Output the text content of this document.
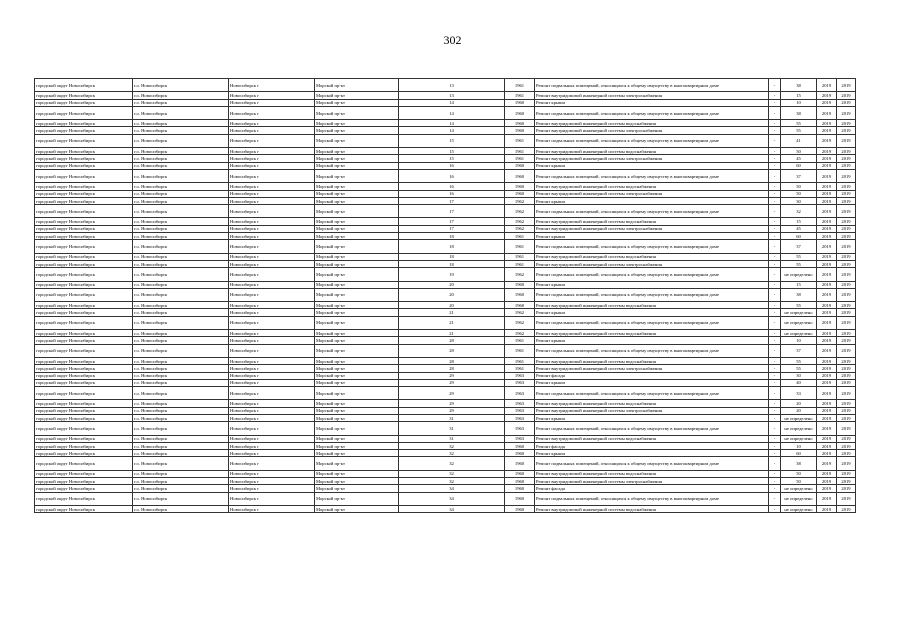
302
городской округ Новосибирск	г.о. Новосибирск	Новосибирск г	Морской пр-кт	13	1961	Ремонт подвальных помещений, относящихся к общему имуществу в многоквартирном доме	-	38	2019	2019
городской округ Новосибирск	г.о. Новосибирск	Новосибирск г	Морской пр-кт	13	1961	Ремонт внутридомовой инженерной системы электроснабжения	-	15	2019	2019
городской округ Новосибирск	г.о. Новосибирск	Новосибирск г	Морской пр-кт	14	1960	Ремонт крыши	-	10	2019	2019
городской округ Новосибирск	г.о. Новосибирск	Новосибирск г	Морской пр-кт	14	1960	Ремонт подвальных помещений, относящихся к общему имуществу в многоквартирном доме	-	38	2019	2019
городской округ Новосибирск	г.о. Новосибирск	Новосибирск г	Морской пр-кт	14	1960	Ремонт внутридомовой инженерной системы водоснабжения	-	55	2019	2019
городской округ Новосибирск	г.о. Новосибирск	Новосибирск г	Морской пр-кт	14	1960	Ремонт внутридомовой инженерной системы электроснабжения	-	55	2019	2019
городской округ Новосибирск	г.о. Новосибирск	Новосибирск г	Морской пр-кт	15	1961	Ремонт подвальных помещений, относящихся к общему имуществу в многоквартирном доме	-	41	2019	2019
городской округ Новосибирск	г.о. Новосибирск	Новосибирск г	Морской пр-кт	15	1961	Ремонт внутридомовой инженерной системы водоснабжения	-	50	2019	2019
городской округ Новосибирск	г.о. Новосибирск	Новосибирск г	Морской пр-кт	15	1961	Ремонт внутридомовой инженерной системы электроснабжения	-	45	2019	2019
городской округ Новосибирск	г.о. Новосибирск	Новосибирск г	Морской пр-кт	16	1960	Ремонт крыши	-	60	2019	2019
городской округ Новосибирск	г.о. Новосибирск	Новосибирск г	Морской пр-кт	16	1960	Ремонт подвальных помещений, относящихся к общему имуществу в многоквартирном доме	-	37	2019	2019
городской округ Новосибирск	г.о. Новосибирск	Новосибирск г	Морской пр-кт	16	1960	Ремонт внутридомовой инженерной системы водоснабжения	-	50	2019	2019
городской округ Новосибирск	г.о. Новосибирск	Новосибирск г	Морской пр-кт	16	1960	Ремонт внутридомовой инженерной системы электроснабжения	-	50	2019	2019
городской округ Новосибирск	г.о. Новосибирск	Новосибирск г	Морской пр-кт	17	1962	Ремонт крыши	-	30	2019	2019
городской округ Новосибирск	г.о. Новосибирск	Новосибирск г	Морской пр-кт	17	1962	Ремонт подвальных помещений, относящихся к общему имуществу в многоквартирном доме	-	32	2019	2019
городской округ Новосибирск	г.о. Новосибирск	Новосибирск г	Морской пр-кт	17	1962	Ремонт внутридомовой инженерной системы водоснабжения	-	15	2019	2019
городской округ Новосибирск	г.о. Новосибирск	Новосибирск г	Морской пр-кт	17	1962	Ремонт внутридомовой инженерной системы электроснабжения	-	45	2019	2019
городской округ Новосибирск	г.о. Новосибирск	Новосибирск г	Морской пр-кт	18	1961	Ремонт крыши	-	60	2019	2019
городской округ Новосибирск	г.о. Новосибирск	Новосибирск г	Морской пр-кт	18	1961	Ремонт подвальных помещений, относящихся к общему имуществу в многоквартирном доме	-	37	2019	2019
городской округ Новосибирск	г.о. Новосибирск	Новосибирск г	Морской пр-кт	18	1961	Ремонт внутридомовой инженерной системы водоснабжения	-	55	2019	2019
городской округ Новосибирск	г.о. Новосибирск	Новосибирск г	Морской пр-кт	18	1961	Ремонт внутридомовой инженерной системы электроснабжения	-	55	2019	2019
городской округ Новосибирск	г.о. Новосибирск	Новосибирск г	Морской пр-кт	19	1962	Ремонт подвальных помещений, относящихся к общему имуществу в многоквартирном доме	-	не определено	2019	2019
городской округ Новосибирск	г.о. Новосибирск	Новосибирск г	Морской пр-кт	20	1960	Ремонт крыши	-	15	2019	2019
городской округ Новосибирск	г.о. Новосибирск	Новосибирск г	Морской пр-кт	20	1960	Ремонт подвальных помещений, относящихся к общему имуществу в многоквартирном доме	-	38	2019	2019
городской округ Новосибирск	г.о. Новосибирск	Новосибирск г	Морской пр-кт	20	1960	Ремонт внутридомовой инженерной системы водоснабжения	-	55	2019	2019
городской округ Новосибирск	г.о. Новосибирск	Новосибирск г	Морской пр-кт	21	1962	Ремонт крыши	-	не определено	2019	2019
городской округ Новосибирск	г.о. Новосибирск	Новосибирск г	Морской пр-кт	21	1962	Ремонт подвальных помещений, относящихся к общему имуществу в многоквартирном доме	-	не определено	2019	2019
городской округ Новосибирск	г.о. Новосибирск	Новосибирск г	Морской пр-кт	21	1962	Ремонт внутридомовой инженерной системы водоснабжения	-	не определено	2019	2019
городской округ Новосибирск	г.о. Новосибирск	Новосибирск г	Морской пр-кт	28	1961	Ремонт крыши	-	10	2019	2019
городской округ Новосибирск	г.о. Новосибирск	Новосибирск г	Морской пр-кт	28	1961	Ремонт подвальных помещений, относящихся к общему имуществу в многоквартирном доме	-	37	2019	2019
городской округ Новосибирск	г.о. Новосибирск	Новосибирск г	Морской пр-кт	28	1961	Ремонт внутридомовой инженерной системы водоснабжения	-	55	2019	2019
городской округ Новосибирск	г.о. Новосибирск	Новосибирск г	Морской пр-кт	28	1961	Ремонт внутридомовой инженерной системы электроснабжения	-	55	2019	2019
городской округ Новосибирск	г.о. Новосибирск	Новосибирск г	Морской пр-кт	29	1963	Ремонт фасада	-	30	2019	2019
городской округ Новосибирск	г.о. Новосибирск	Новосибирск г	Морской пр-кт	29	1963	Ремонт крыши	-	40	2019	2019
городской округ Новосибирск	г.о. Новосибирск	Новосибирск г	Морской пр-кт	29	1963	Ремонт подвальных помещений, относящихся к общему имуществу в многоквартирном доме	-	33	2019	2019
городской округ Новосибирск	г.о. Новосибирск	Новосибирск г	Морской пр-кт	29	1963	Ремонт внутридомовой инженерной системы водоснабжения	-	20	2019	2019
городской округ Новосибирск	г.о. Новосибирск	Новосибирск г	Морской пр-кт	29	1963	Ремонт внутридомовой инженерной системы электроснабжения	-	20	2019	2019
городской округ Новосибирск	г.о. Новосибирск	Новосибирск г	Морской пр-кт	31	1963	Ремонт крыши	-	не определено	2019	2019
городской округ Новосибирск	г.о. Новосибирск	Новосибирск г	Морской пр-кт	31	1963	Ремонт подвальных помещений, относящихся к общему имуществу в многоквартирном доме	-	не определено	2019	2019
городской округ Новосибирск	г.о. Новосибирск	Новосибирск г	Морской пр-кт	31	1963	Ремонт внутридомовой инженерной системы водоснабжения	-	не определено	2019	2019
городской округ Новосибирск	г.о. Новосибирск	Новосибирск г	Морской пр-кт	32	1960	Ремонт фасада	-	10	2019	2019
городской округ Новосибирск	г.о. Новосибирск	Новосибирск г	Морской пр-кт	32	1960	Ремонт крыши	-	60	2019	2019
городской округ Новосибирск	г.о. Новосибирск	Новосибирск г	Морской пр-кт	32	1960	Ремонт подвальных помещений, относящихся к общему имуществу в многоквартирном доме	-	38	2019	2019
городской округ Новосибирск	г.о. Новосибирск	Новосибирск г	Морской пр-кт	32	1960	Ремонт внутридомовой инженерной системы водоснабжения	-	50	2019	2019
городской округ Новосибирск	г.о. Новосибирск	Новосибирск г	Морской пр-кт	32	1960	Ремонт внутридомовой инженерной системы электроснабжения	-	50	2019	2019
городской округ Новосибирск	г.о. Новосибирск	Новосибирск г	Морской пр-кт	34	1960	Ремонт фасада	-	не определено	2019	2019
городской округ Новосибирск	г.о. Новосибирск	Новосибирск г	Морской пр-кт	34	1960	Ремонт подвальных помещений, относящихся к общему имуществу в многоквартирном доме	-	не определено	2019	2019
городской округ Новосибирск	г.о. Новосибирск	Новосибирск г	Морской пр-кт	34	1960	Ремонт внутридомовой инженерной системы водоснабжения	-	не определено	2019	2019
